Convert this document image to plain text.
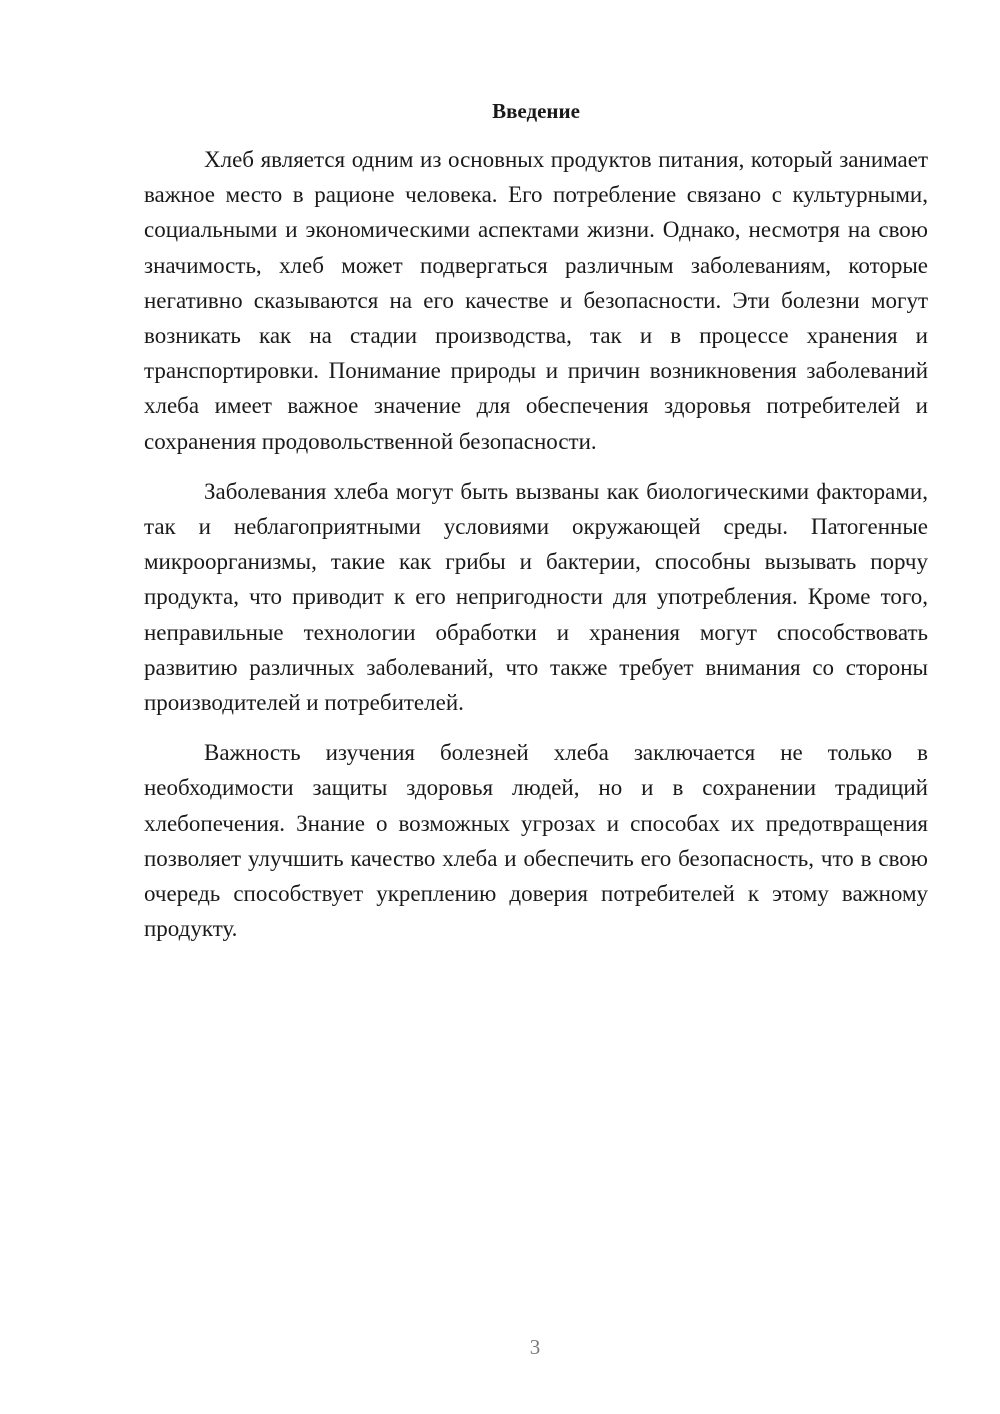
Введение

Хлеб является одним из основных продуктов питания, который занимает важное место в рационе человека. Его потребление связано с культурными, социальными и экономическими аспектами жизни. Однако, несмотря на свою значимость, хлеб может подвергаться различным заболеваниям, которые негативно сказываются на его качестве и безопасности. Эти болезни могут возникать как на стадии производства, так и в процессе хранения и транспортировки. Понимание природы и причин возникновения заболеваний хлеба имеет важное значение для обеспечения здоровья потребителей и сохранения продовольственной безопасности.

Заболевания хлеба могут быть вызваны как биологическими факторами, так и неблагоприятными условиями окружающей среды. Патогенные микроорганизмы, такие как грибы и бактерии, способны вызывать порчу продукта, что приводит к его непригодности для употребления. Кроме того, неправильные технологии обработки и хранения могут способствовать развитию различных заболеваний, что также требует внимания со стороны производителей и потребителей.

Важность изучения болезней хлеба заключается не только в необходимости защиты здоровья людей, но и в сохранении традиций хлебопечения. Знание о возможных угрозах и способах их предотвращения позволяет улучшить качество хлеба и обеспечить его безопасность, что в свою очередь способствует укреплению доверия потребителей к этому важному продукту.

3
